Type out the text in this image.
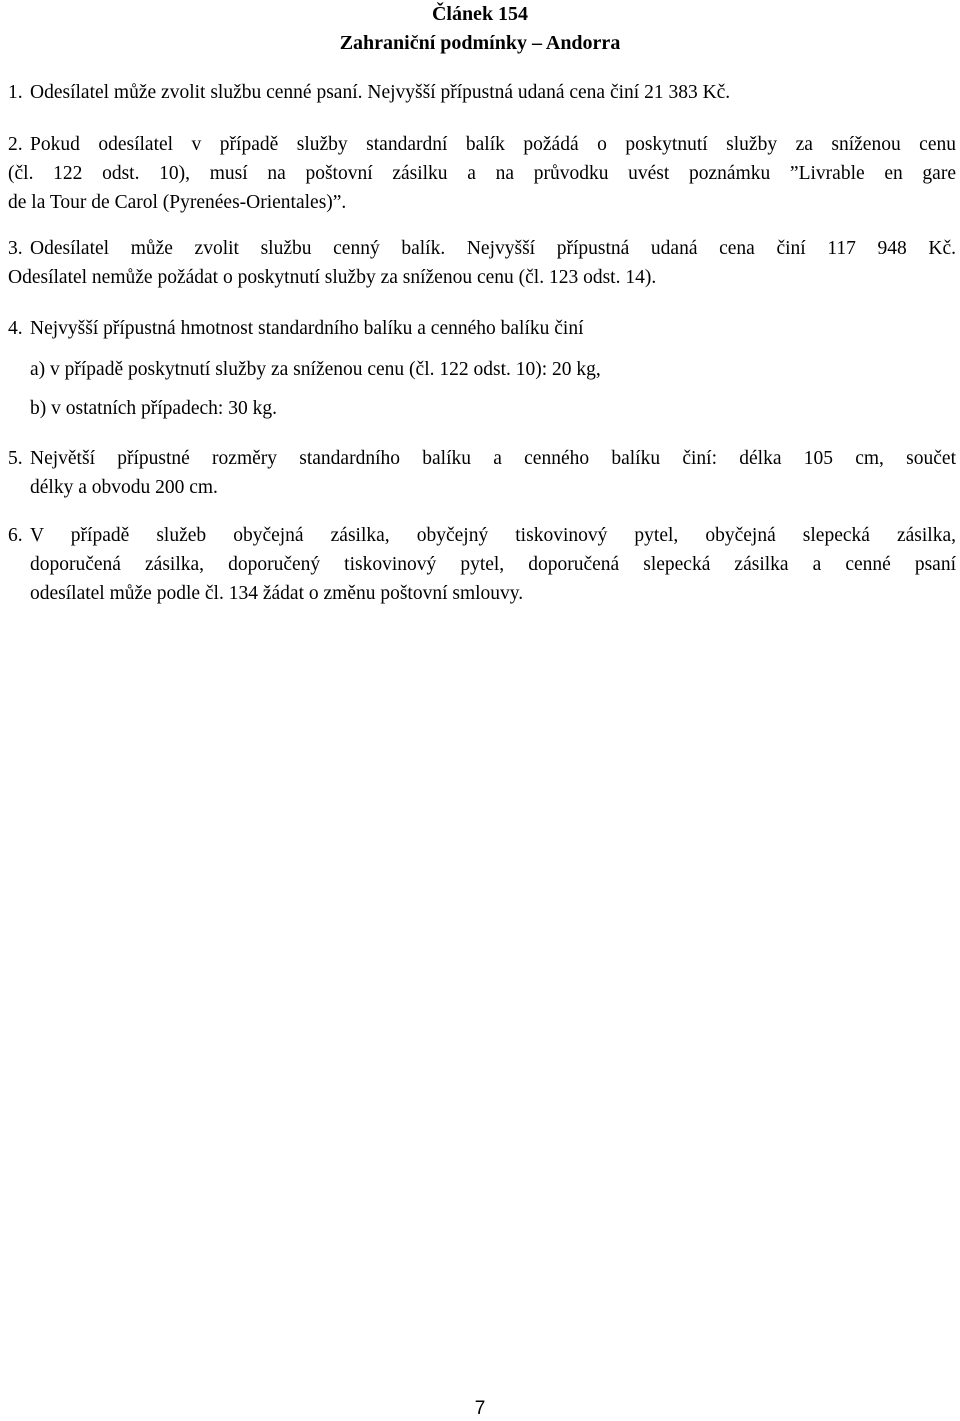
Článek 154
Zahraniční podmínky – Andorra
1. Odesílatel může zvolit službu cenné psaní. Nejvyšší přípustná udaná cena činí 21 383 Kč.
2. Pokud odesílatel v případě služby standardní balík požádá o poskytnutí služby za sníženou cenu
(čl. 122 odst. 10), musí na poštovní zásilku a na průvodku uvést poznámku ”Livrable en gare
de la Tour de Carol (Pyrenées-Orientales)”.
3. Odesílatel může zvolit službu cenný balík. Nejvyšší přípustná udaná cena činí 117 948 Kč.
Odesílatel nemůže požádat o poskytnutí služby za sníženou cenu (čl. 123 odst. 14).
4. Nejvyšší přípustná hmotnost standardního balíku a cenného balíku činí
a) v případě poskytnutí služby za sníženou cenu (čl. 122 odst. 10): 20 kg,
b) v ostatních případech: 30 kg.
5. Největší přípustné rozměry standardního balíku a cenného balíku činí: délka 105 cm, součet
délky a obvodu 200 cm.
6. V případě služeb obyčejná zásilka, obyčejný tiskovinový pytel, obyčejná slepecká zásilka,
doporučená zásilka, doporučený tiskovinový pytel, doporučená slepecká zásilka a cenné psaní
odesílatel může podle čl. 134 žádat o změnu poštovní smlouvy.
7
